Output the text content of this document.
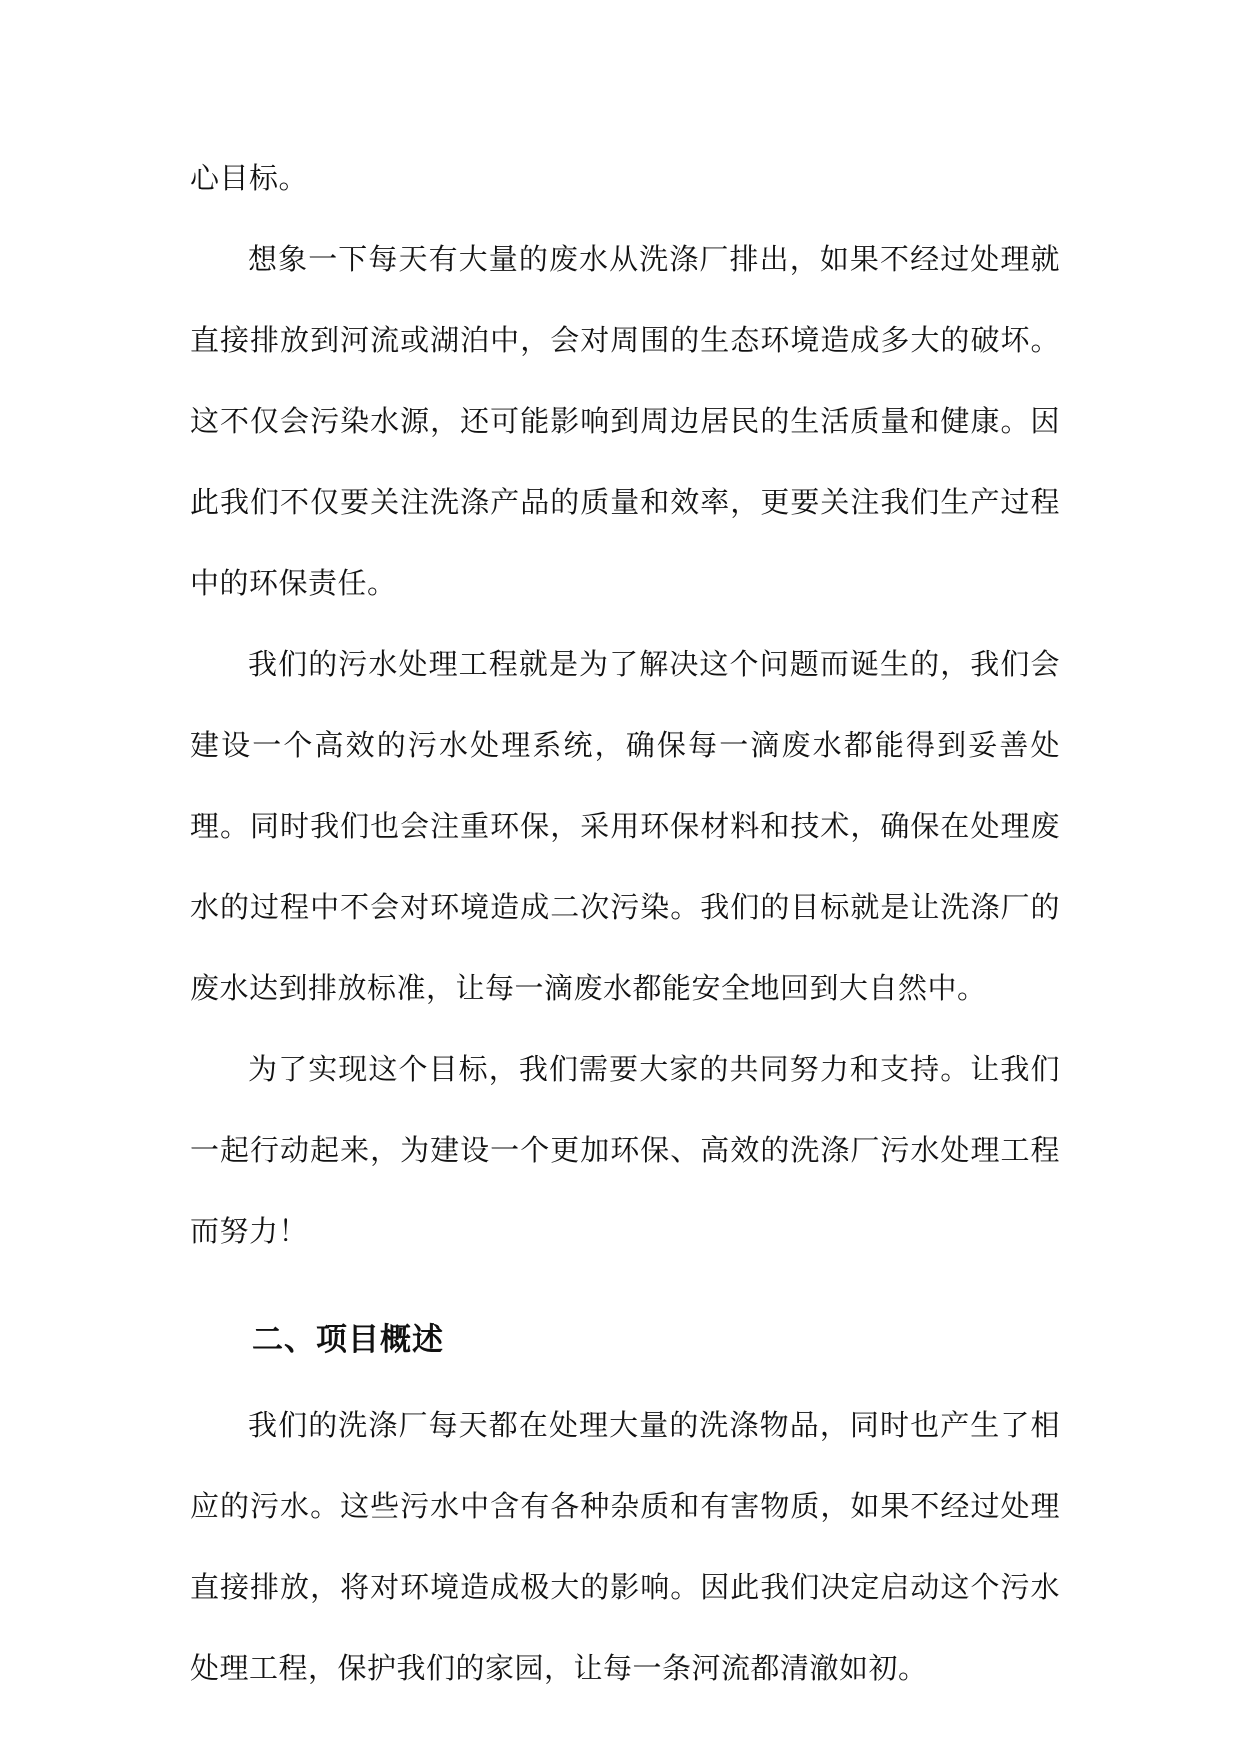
心目标。

想象一下每天有大量的废水从洗涤厂排出，如果不经过处理就直接排放到河流或湖泊中，会对周围的生态环境造成多大的破坏。这不仅会污染水源，还可能影响到周边居民的生活质量和健康。因此我们不仅要关注洗涤产品的质量和效率，更要关注我们生产过程中的环保责任。

我们的污水处理工程就是为了解决这个问题而诞生的，我们会建设一个高效的污水处理系统，确保每一滴废水都能得到妥善处理。同时我们也会注重环保，采用环保材料和技术，确保在处理废水的过程中不会对环境造成二次污染。我们的目标就是让洗涤厂的废水达到排放标准，让每一滴废水都能安全地回到大自然中。

为了实现这个目标，我们需要大家的共同努力和支持。让我们一起行动起来，为建设一个更加环保、高效的洗涤厂污水处理工程而努力！

二、项目概述

我们的洗涤厂每天都在处理大量的洗涤物品，同时也产生了相应的污水。这些污水中含有各种杂质和有害物质，如果不经过处理直接排放，将对环境造成极大的影响。因此我们决定启动这个污水处理工程，保护我们的家园，让每一条河流都清澈如初。
